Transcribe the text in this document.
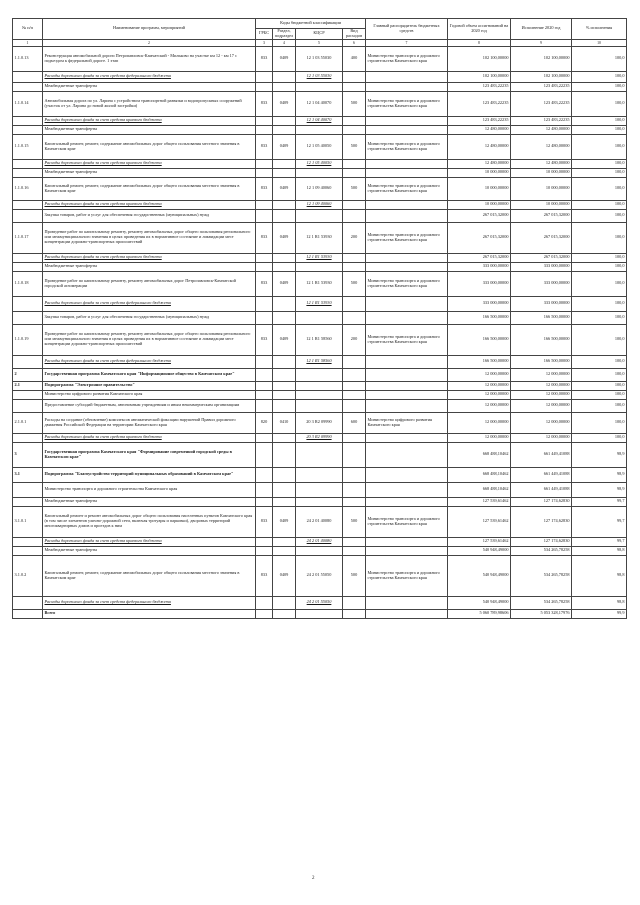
№ п/п	Наименование программ, мероприятий	Коды бюджетной классификации				Главный распорядитель бюджетных средств	Годовой объем ассигнований на 2020 год	Исполнение 2020 год	% исполнения
		ГРБС	Раздел, подраздел	КЦСР	Вид расходов				
1	2	3	4	5	6	7	8	9	10
1.1.0.13	Реконструкция автомобильной дороги Петропавловск-Камчатский - Мильково на участке км 12 - км 17 с подъездом к федеральной дороге. 1 этап	833	0409	12 1 03 55030	400	Министерство транспорта и дорожного строительства Камчатского края	102 100,00000	102 100,00000	100,0
	Расходы дорожного фонда за счет средств федерального бюджета			12 1 03 55030			102 100,00000	102 100,00000	100,0
	Межбюджетные трансферты						123 483,22235	123 483,22235	100,0
1.1.0.14	Автомобильная дорога по ул. Ларина с устройством транспортной развязки и водопропускных сооружений (участок от ул. Ларина до новой жилой застройки)	833	0409	12 1 04 40070	500	Министерство транспорта и дорожного строительства Камчатского края	123 483,22235	123 483,22235	100,0
	Расходы дорожного фонда за счет средств краевого бюджета			12 1 04 40070			123 483,22235	123 483,22235	100,0
	Межбюджетные трансферты						12 480,00000	12 480,00000	100,0
1.1.0.15	Капитальный ремонт, ремонт, содержание автомобильных дорог общего пользования местного значения в Камчатском крае	833	0409	12 1 05 40050	500	Министерство транспорта и дорожного строительства Камчатского края	12 480,00000	12 480,00000	100,0
	Расходы дорожного фонда за счет средств краевого бюджета			12 1 05 40050			12 480,00000	12 480,00000	100,0
	Межбюджетные трансферты						10 000,00000	10 000,00000	100,0
1.1.0.16	Капитальный ремонт, ремонт, содержание автомобильных дорог общего пользования местного значения в Камчатском крае	833	0409	12 1 09 40060	500	Министерство транспорта и дорожного строительства Камчатского края	10 000,00000	10 000,00000	100,0
	Расходы дорожного фонда за счет средств краевого бюджета			12 1 09 40060			10 000,00000	10 000,00000	100,0
	Закупка товаров, работ и услуг для обеспечения государственных (муниципальных) нужд						267 015,32000	267 015,32000	100,0
1.1.0.17	Проведение работ по капитальному ремонту, ремонту автомобильных дорог общего пользования регионального или межмуниципального значения в целях приведения их в нормативное состояние и ликвидации мест концентрации дорожно-транспортных происшествий	833	0409	12 1 R1 53930	200	Министерство транспорта и дорожного строительства Камчатского края	267 015,32000	267 015,32000	100,0
	Расходы дорожного фонда за счет средств краевого бюджета			12 1 R1 53930			267 015,32000	267 015,32000	100,0
	Межбюджетные трансферты						333 000,00000	333 000,00000	100,0
1.1.0.18	Проведение работ по капитальному ремонту, ремонту автомобильных дорог Петропавловск-Камчатской городской агломерации	833	0409	12 1 R1 53930	500	Министерство транспорта и дорожного строительства Камчатского края	333 000,00000	333 000,00000	100,0
	Расходы дорожного фонда за счет средств федерального бюджета			12 1 R1 53930			333 000,00000	333 000,00000	100,0
	Закупка товаров, работ и услуг для обеспечения государственных (муниципальных) нужд						166 500,00000	166 500,00000	100,0
1.1.0.19	Проведение работ по капитальному ремонту, ремонту автомобильных дорог общего пользования регионального или межмуниципального значения в целях приведения их в нормативное состояние и ликвидации мест концентрации дорожно-транспортных происшествий	833	0409	12 1 R1 58560	200	Министерство транспорта и дорожного строительства Камчатского края	166 500,00000	166 500,00000	100,0
	Расходы дорожного фонда за счет средств федерального бюджета			12 1 R1 58560			166 500,00000	166 500,00000	100,0
2	Государственная программа Камчатского края "Информационное общество в Камчатском крае"						12 000,00000	12 000,00000	100,0
2.1	Подпрограмма "Электронное правительство"						12 000,00000	12 000,00000	100,0
	Министерство цифрового развития Камчатского края						12 000,00000	12 000,00000	100,0
	Предоставление субсидий бюджетным, автономным учреждениям и иным некоммерческим организациям						12 000,00000	12 000,00000	100,0
2.1.0.1	Расходы на создание (обновление) комплексов автоматической фиксации нарушений Правил дорожного движения Российской Федерации на территории Камчатского края	820	0410	20 3 R2 09990	600	Министерство цифрового развития Камчатского края	12 000,00000	12 000,00000	100,0
	Расходы дорожного фонда за счет средств краевого бюджета			20 3 R2 09990			12 000,00000	12 000,00000	100,0
3	Государственная программа Камчатского края "Формирование современной городской среды в Камчатском крае"						668 488,10462	661 449,41088	98,9
3.1	Подпрограмма "Благоустройство территорий муниципальных образований в Камчатском крае"						668 488,10462	661 449,41088	98,9
	Министерство транспорта и дорожного строительства Камчатского края						668 488,10462	661 449,41088	98,9
	Межбюджетные трансферты						127 539,61462	127 174,62830	99,7
3.1.0.1	Капитальный ремонт и ремонт автомобильных дорог общего пользования населенных пунктов Камчатского края (в том числе элементов улично-дорожной сети, включая тротуары и парковки), дворовых территорий многоквартирных домов и проездов к ним	833	0409	24 2 01 40080	500	Министерство транспорта и дорожного строительства Камчатского края	127 539,61462	127 174,62830	99,7
	Расходы дорожного фонда за счет средств краевого бюджета			24 2 01 40080			127 539,61462	127 174,62830	99,7
	Межбюджетные трансферты						540 948,49000	534 265,78258	98,8
3.1.0.2	Капитальный ремонт, ремонт, содержание автомобильных дорог общего пользования местного значения в Камчатском крае	833	0409	24 2 01 55050	500	Министерство транспорта и дорожного строительства Камчатского края	540 948,49000	534 265,78258	98,8
	Расходы дорожного фонда за счет средств федерального бюджета			24 2 01 55050			540 948,49000	534 265,78258	98,8
	Всего						5 060 789,98606	5 053 328,17976	99,9
2
